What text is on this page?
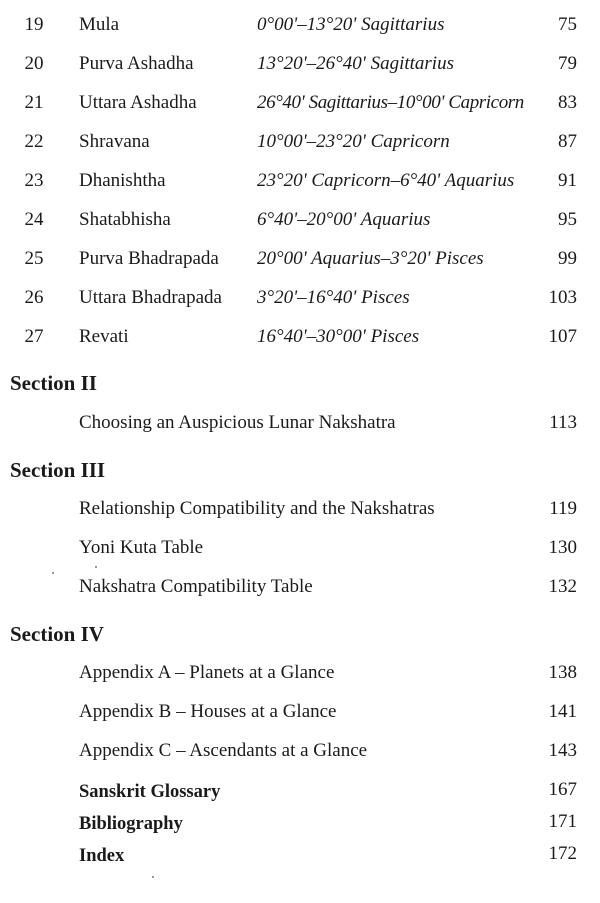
19 Mula	0°00'–13°20' Sagittarius	75
20 Purva Ashadha	13°20'–26°40' Sagittarius	79
21 Uttara Ashadha	26°40' Sagittarius–10°00' Capricorn 83
22 Shravana	10°00'–23°20' Capricorn	87
23 Dhanishtha	23°20' Capricorn–6°40' Aquarius 91
24 Shatabhisha	6°40'–20°00' Aquarius	95
25 Purva Bhadrapada 20°00' Aquarius–3°20' Pisces	99
26 Uttara Bhadrapada 3°20'–16°40' Pisces	103
27 Revati	16°40'–30°00' Pisces	107
Section II
Choosing an Auspicious Lunar Nakshatra	113
Section III
Relationship Compatibility and the Nakshatras	119
Yoni Kuta Table	130
Nakshatra Compatibility Table	132
Section IV
Appendix A – Planets at a Glance	138
Appendix B – Houses at a Glance	141
Appendix C – Ascendants at a Glance	143
Sanskrit Glossary	167
Bibliography	171
Index	172
